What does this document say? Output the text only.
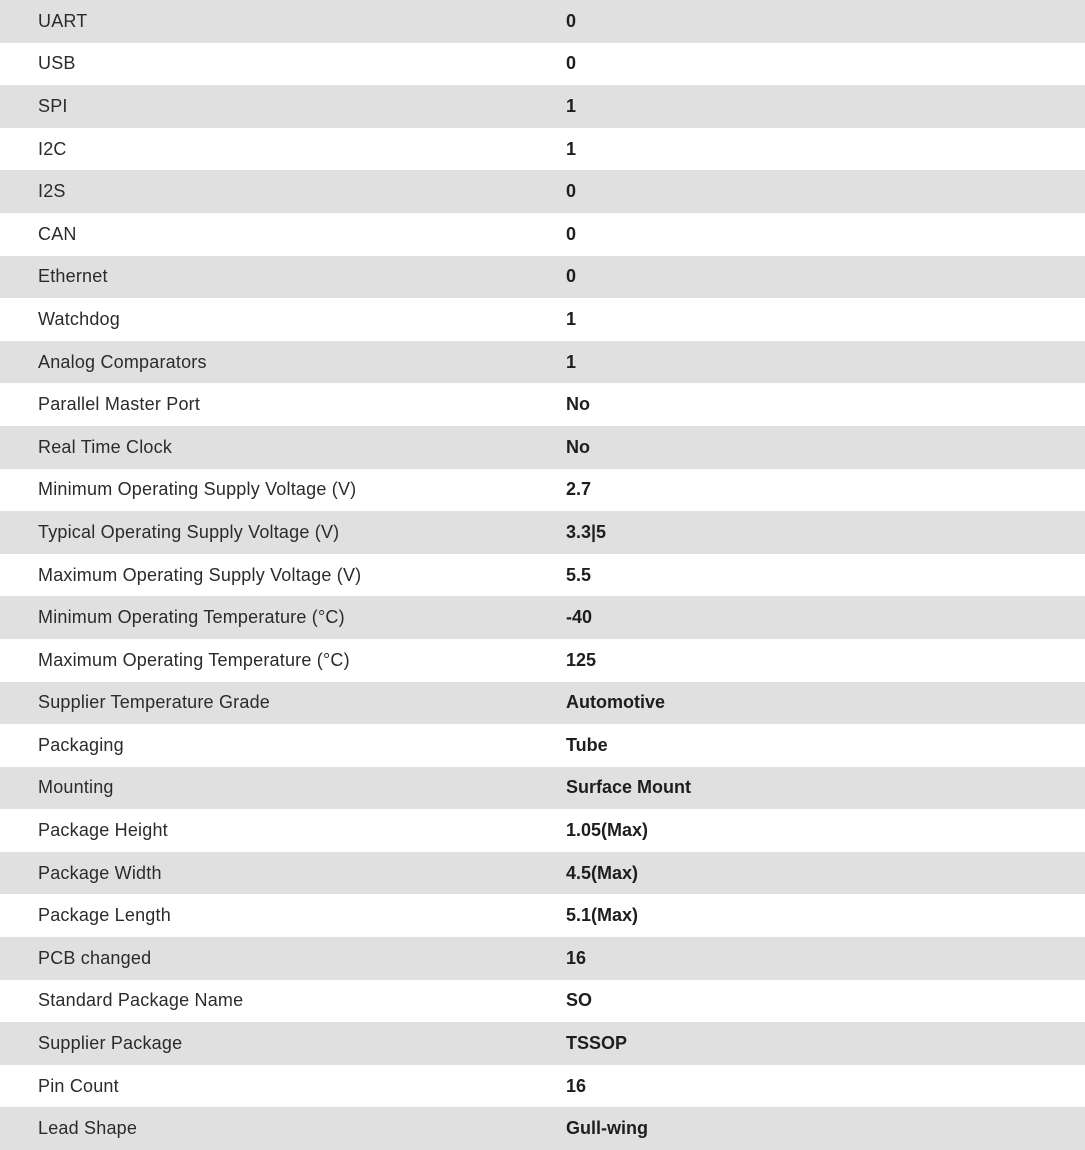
UART	0
USB	0
SPI	1
I2C	1
I2S	0
CAN	0
Ethernet	0
Watchdog	1
Analog Comparators	1
Parallel Master Port	No
Real Time Clock	No
Minimum Operating Supply Voltage (V)	2.7
Typical Operating Supply Voltage (V)	3.3|5
Maximum Operating Supply Voltage (V)	5.5
Minimum Operating Temperature (°C)	-40
Maximum Operating Temperature (°C)	125
Supplier Temperature Grade	Automotive
Packaging	Tube
Mounting	Surface Mount
Package Height	1.05(Max)
Package Width	4.5(Max)
Package Length	5.1(Max)
PCB changed	16
Standard Package Name	SO
Supplier Package	TSSOP
Pin Count	16
Lead Shape	Gull-wing
